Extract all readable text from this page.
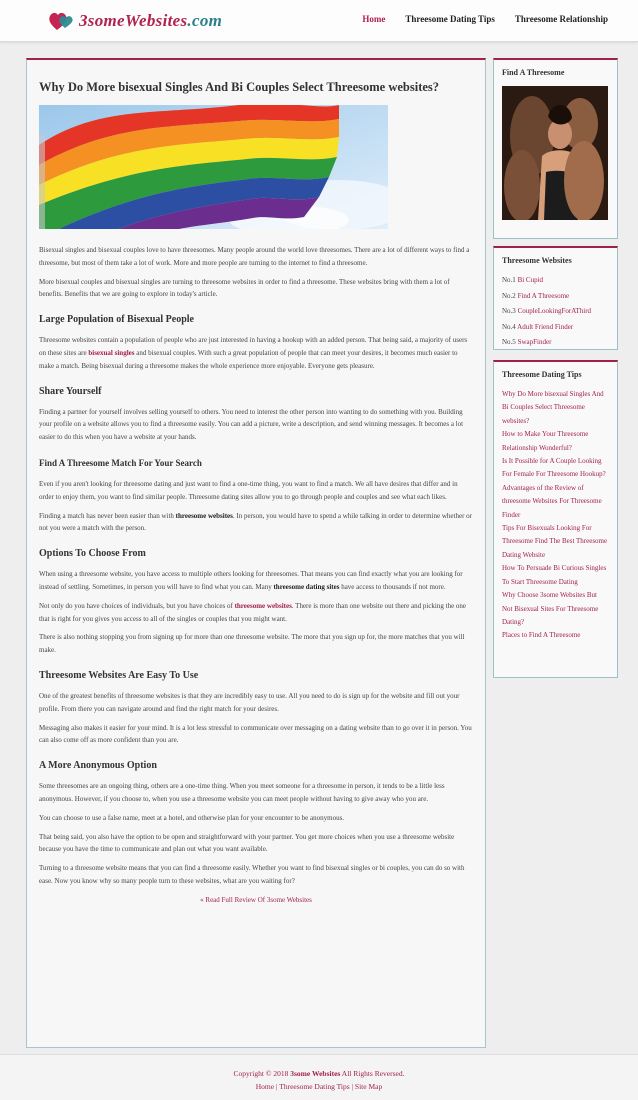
3someWebsites.com	Home Threesome Dating Tips Threesome Relationship
Why Do More bisexual Singles And Bi Couples Select Threesome websites?

Bisexual singles and bisexual couples love to have threesomes. Many people around the world love threesomes. There are a lot of different ways to find a threesome, but most of them take a lot of work. More and more people are turning to the internet to find a threesome.

More bisexual couples and bisexual singles are turning to threesome websites in order to find a threesome. These websites bring with them a lot of benefits. Benefits that we are going to explore in today's article.

Large Population of Bisexual People

Threesome websites contain a population of people who are just interested in having a hookup with an added person. That being said, a majority of users on these sites are bisexual singles and bisexual couples. With such a great population of people that can meet your desires, it becomes much easier to make a match. Being bisexual during a threesome makes the whole experience more enjoyable. Everyone gets pleasure.

Share Yourself

Finding a partner for yourself involves selling yourself to others. You need to interest the other person into wanting to do something with you. Building your profile on a website allows you to find a threesome easily. You can add a picture, write a description, and send winning messages. It becomes a lot easier to do this when you have a website at your hands.

Find A Threesome Match For Your Search

Even if you aren't looking for threesome dating and just want to find a one-time thing, you want to find a match. We all have desires that differ and in order to enjoy them, you want to find similar people. Threesome dating sites allow you to go through people and couples and see what each likes.

Finding a match has never been easier than with threesome websites. In person, you would have to spend a while talking in order to determine whether or not you were a match with the person.

Options To Choose From

When using a threesome website, you have access to multiple others looking for threesomes. That means you can find exactly what you are looking for instead of settling. Sometimes, in person you will have to find what you can. Many threesome dating sites have access to thousands if not more.

Not only do you have choices of individuals, but you have choices of threesome websites. There is more than one website out there and picking the one that is right for you gives you access to all of the singles or couples that you might want.

There is also nothing stopping you from signing up for more than one threesome website. The more that you sign up for, the more matches that you will make.

Threesome Websites Are Easy To Use

One of the greatest benefits of threesome websites is that they are incredibly easy to use. All you need to do is sign up for the website and fill out your profile. From there you can navigate around and find the right match for your desires.

Messaging also makes it easier for your mind. It is a lot less stressful to communicate over messaging on a dating website than to go over it in person. You can also come off as more confident than you are.

A More Anonymous Option

Some threesomes are an ongoing thing, others are a one-time thing. When you meet someone for a threesome in person, it tends to be a little less anonymous. However, if you choose to, when you use a threesome website you can meet people without having to give away who you are.

You can choose to use a false name, meet at a hotel, and otherwise plan for your encounter to be anonymous.

That being said, you also have the option to be open and straightforward with your partner. You get more choices when you use a threesome website because you have the time to communicate and plan out what you want available.

Turning to a threesome website means that you can find a threesome easily. Whether you want to find bisexual singles or bi couples, you can do so with ease. Now you know why so many people turn to these websites, what are you waiting for?

« Read Full Review Of 3some Websites
Find A Threesome
Threesome Websites
No.1 Bi Cupid
No.2 Find A Threesome
No.3 CoupleLookingForAThird
No.4 Adult Friend Finder
No.5 SwapFinder
Threesome Dating Tips
Why Do More bisexual Singles And Bi Couples Select Threesome websites?
How to Make Your Threesome Relationship Wonderful?
Is It Possible for A Couple Looking For Female For Threesome Hookup?
Advantages of the Review of threesome Websites For Threesome Finder
Tips For Bisexuals Looking For Threesome Find The Best Threesome Dating Website
How To Persuade Bi Curious Singles To Start Threesome Dating
Why Choose 3some Websites But Not Bisexual Sites For Threesome Dating?
Places to Find A Threesome
Copyright © 2018 3some Websites All Rights Reversed.
Home | Threesome Dating Tips | Site Map
